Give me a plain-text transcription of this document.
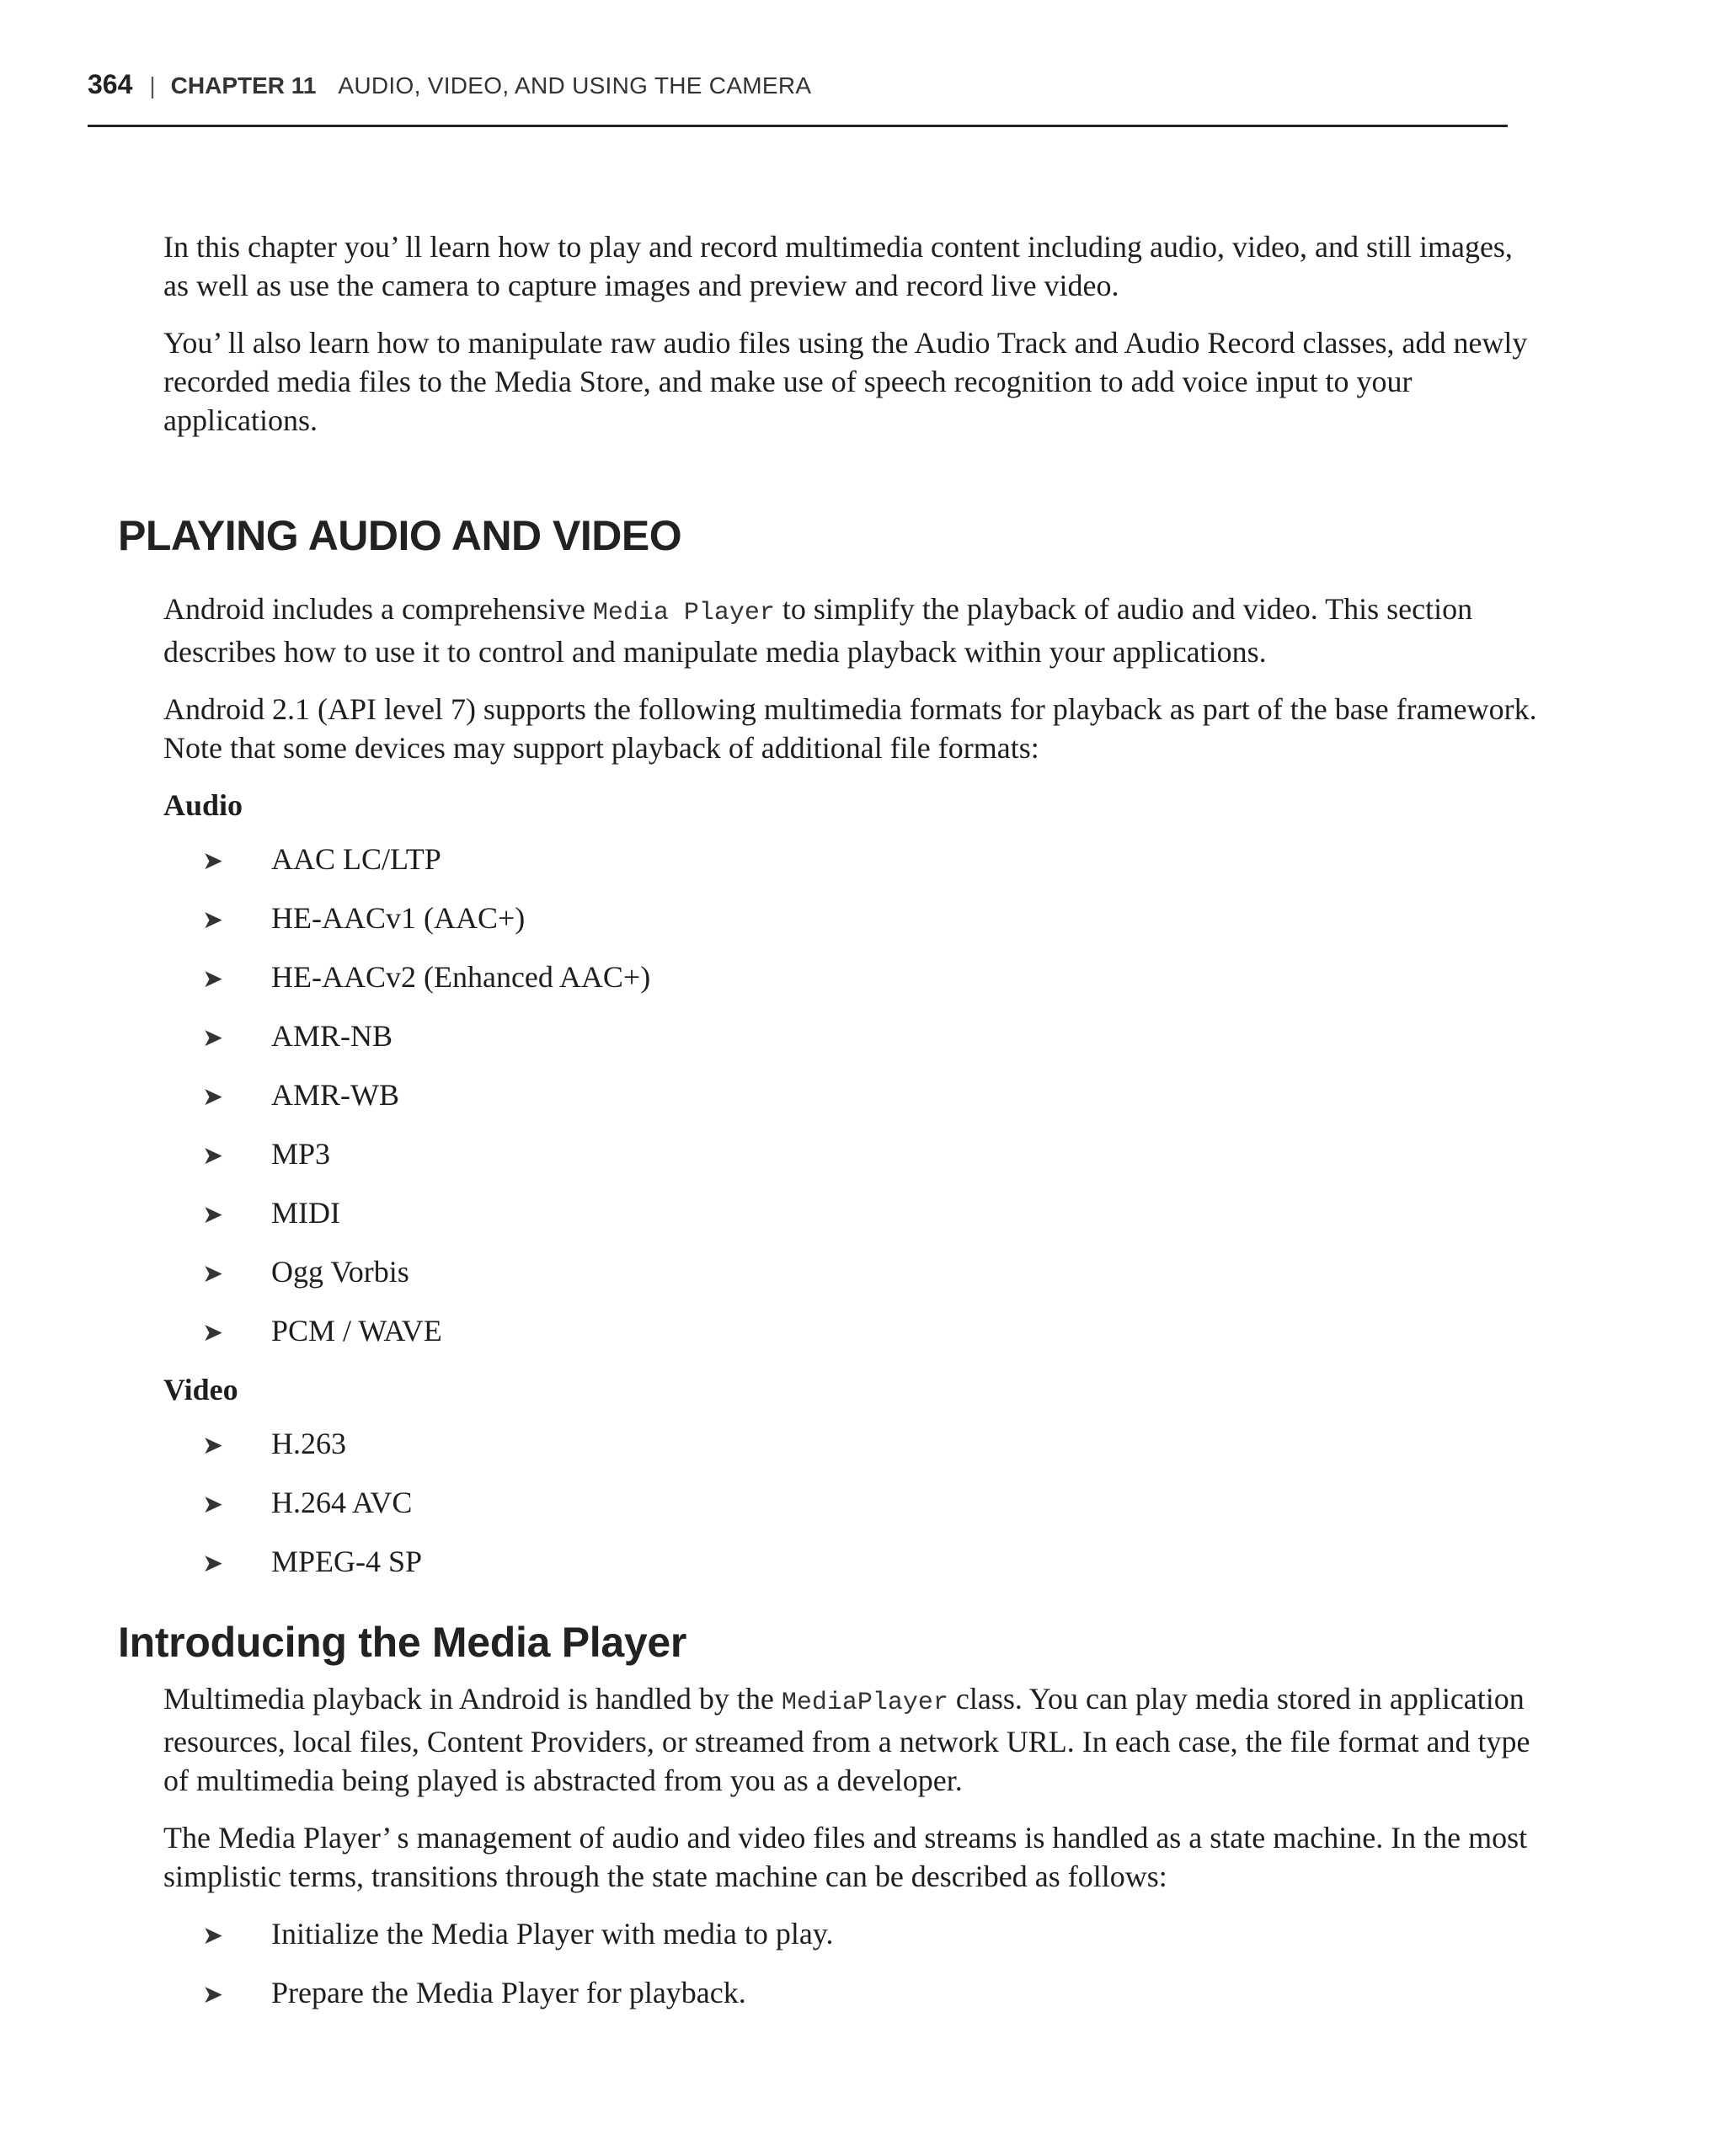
364 | CHAPTER 11 AUDIO, VIDEO, AND USING THE CAMERA

In this chapter you’ ll learn how to play and record multimedia content including audio, video, and still images, as well as use the camera to capture images and preview and record live video.

You’ ll also learn how to manipulate raw audio files using the Audio Track and Audio Record classes, add newly recorded media files to the Media Store, and make use of speech recognition to add voice input to your applications.

PLAYING AUDIO AND VIDEO

Android includes a comprehensive Media Player to simplify the playback of audio and video. This section describes how to use it to control and manipulate media playback within your applications.

Android 2.1 (API level 7) supports the following multimedia formats for playback as part of the base framework. Note that some devices may support playback of additional file formats:

Audio
➤	AAC LC/LTP
➤	HE-AACv1 (AAC+)
➤	HE-AACv2 (Enhanced AAC+)
➤	AMR-NB
➤	AMR-WB
➤	MP3
➤	MIDI
➤	Ogg Vorbis
➤	PCM / WAVE
Video
➤	H.263
➤	H.264 AVC
➤	MPEG-4 SP
Introducing the Media Player

Multimedia playback in Android is handled by the MediaPlayer class. You can play media stored in application resources, local files, Content Providers, or streamed from a network URL. In each case, the file format and type of multimedia being played is abstracted from you as a developer.

The Media Player’ s management of audio and video files and streams is handled as a state machine. In the most simplistic terms, transitions through the state machine can be described as follows:

➤	Initialize the Media Player with media to play.
➤	Prepare the Media Player for playback.
